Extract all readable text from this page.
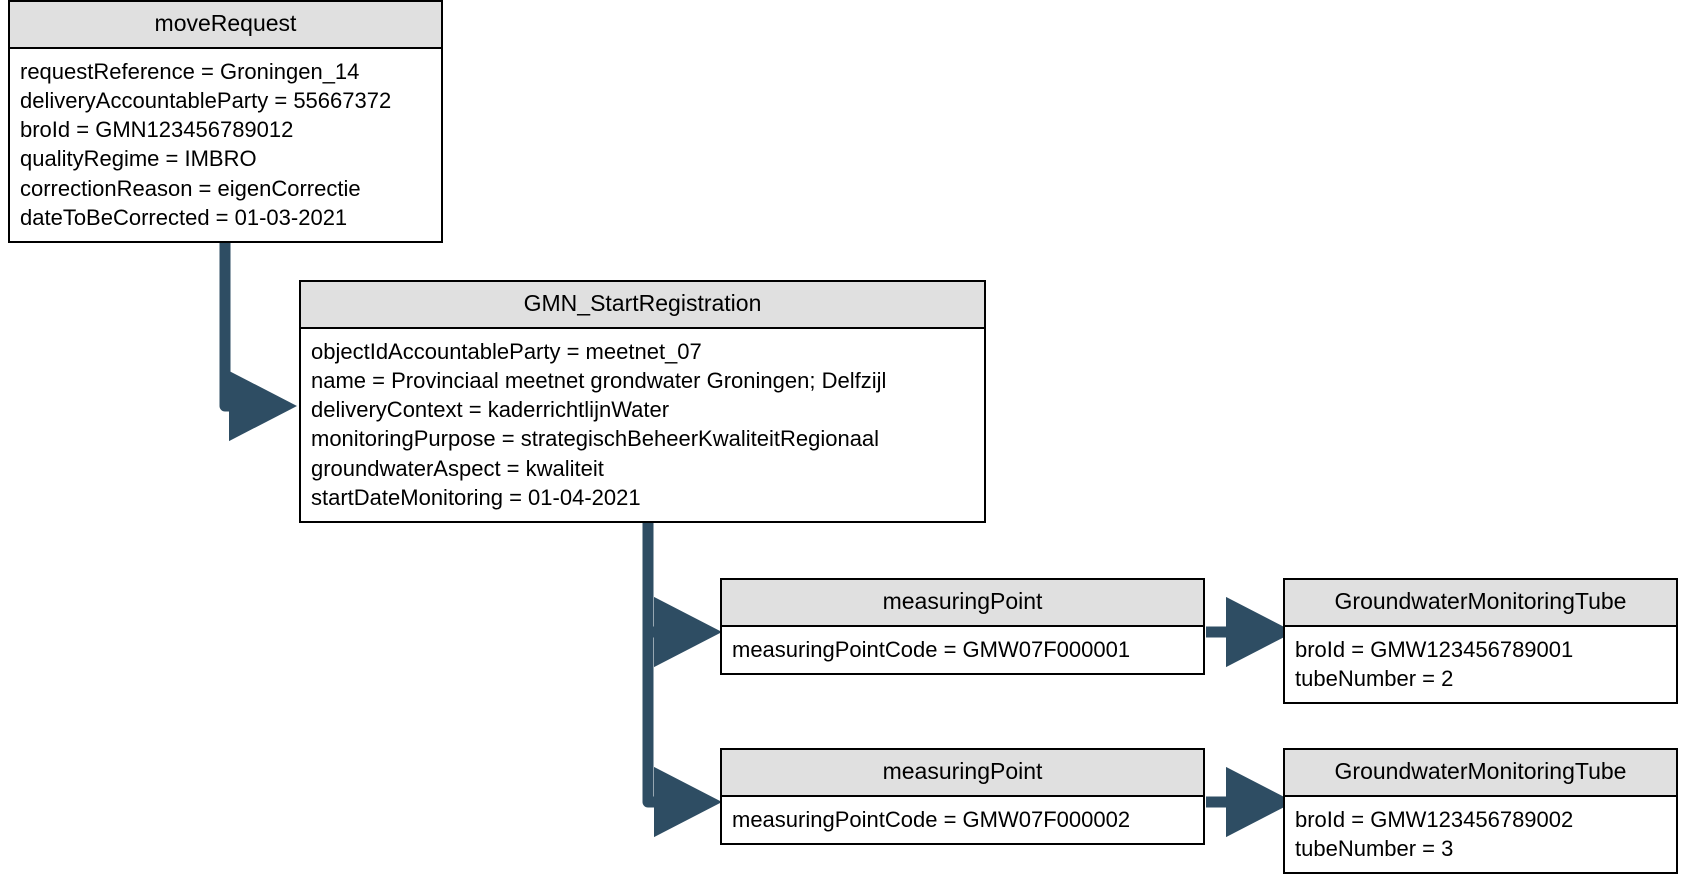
moveRequest
requestReference = Groningen_14
deliveryAccountableParty = 55667372
broId = GMN123456789012
qualityRegime = IMBRO
correctionReason = eigenCorrectie
dateToBeCorrected = 01-03-2021
GMN_StartRegistration
objectIdAccountableParty = meetnet_07
name = Provinciaal meetnet grondwater Groningen; Delfzijl
deliveryContext = kaderrichtlijnWater
monitoringPurpose = strategischBeheerKwaliteitRegionaal
groundwaterAspect = kwaliteit
startDateMonitoring = 01-04-2021
measuringPoint
measuringPointCode = GMW07F000001
measuringPoint
measuringPointCode = GMW07F000002
GroundwaterMonitoringTube
broId = GMW123456789001
tubeNumber = 2
GroundwaterMonitoringTube
broId = GMW123456789002
tubeNumber = 3
